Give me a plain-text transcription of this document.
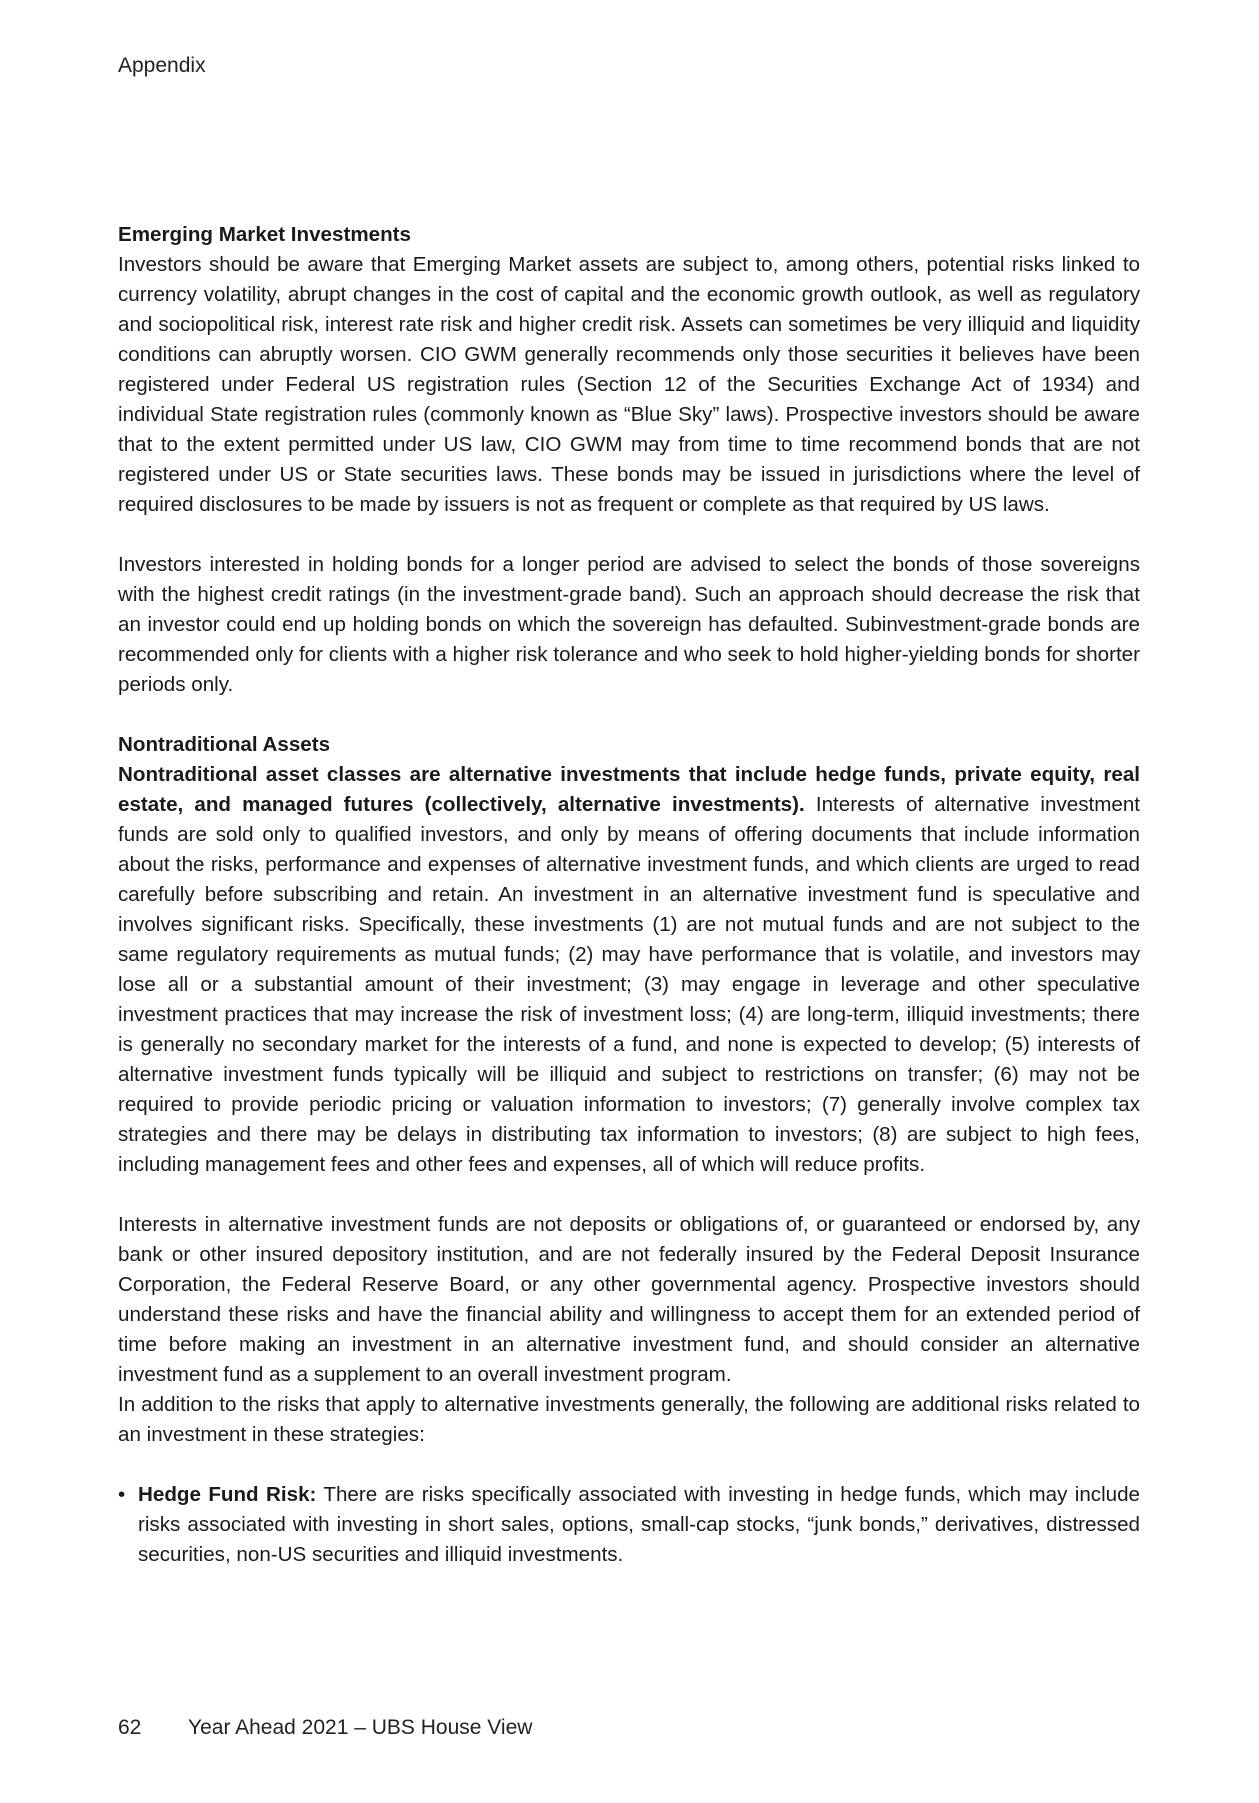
Appendix

Emerging Market Investments

Investors should be aware that Emerging Market assets are subject to, among others, potential risks linked to currency volatility, abrupt changes in the cost of capital and the economic growth outlook, as well as regulatory and sociopolitical risk, interest rate risk and higher credit risk. Assets can sometimes be very illiquid and liquidity conditions can abruptly worsen. CIO GWM generally recommends only those securities it believes have been registered under Federal US registration rules (Section 12 of the Securities Exchange Act of 1934) and individual State registration rules (commonly known as “Blue Sky” laws). Prospective investors should be aware that to the extent permitted under US law, CIO GWM may from time to time recommend bonds that are not registered under US or State securities laws. These bonds may be issued in jurisdictions where the level of required disclosures to be made by issuers is not as frequent or complete as that required by US laws.

Investors interested in holding bonds for a longer period are advised to select the bonds of those sovereigns with the highest credit ratings (in the investment-grade band). Such an approach should decrease the risk that an investor could end up holding bonds on which the sovereign has defaulted. Subinvestment-grade bonds are recommended only for clients with a higher risk tolerance and who seek to hold higher-yielding bonds for shorter periods only.

Nontraditional Assets

Nontraditional asset classes are alternative investments that include hedge funds, private equity, real estate, and managed futures (collectively, alternative investments). Interests of alternative investment funds are sold only to qualified investors, and only by means of offering documents that include information about the risks, performance and expenses of alternative investment funds, and which clients are urged to read carefully before subscribing and retain. An investment in an alternative investment fund is speculative and involves significant risks. Specifically, these investments (1) are not mutual funds and are not subject to the same regulatory requirements as mutual funds; (2) may have performance that is volatile, and investors may lose all or a substantial amount of their investment; (3) may engage in leverage and other speculative investment practices that may increase the risk of investment loss; (4) are long-term, illiquid investments; there is generally no secondary market for the interests of a fund, and none is expected to develop; (5) interests of alternative investment funds typically will be illiquid and subject to restrictions on transfer; (6) may not be required to provide periodic pricing or valuation information to investors; (7) generally involve complex tax strategies and there may be delays in distributing tax information to investors; (8) are subject to high fees, including management fees and other fees and expenses, all of which will reduce profits.

Interests in alternative investment funds are not deposits or obligations of, or guaranteed or endorsed by, any bank or other insured depository institution, and are not federally insured by the Federal Deposit Insurance Corporation, the Federal Reserve Board, or any other governmental agency. Prospective investors should understand these risks and have the financial ability and willingness to accept them for an extended period of time before making an investment in an alternative investment fund, and should consider an alternative investment fund as a supplement to an overall investment program.

In addition to the risks that apply to alternative investments generally, the following are additional risks related to an investment in these strategies:

• Hedge Fund Risk: There are risks specifically associated with investing in hedge funds, which may include risks associated with investing in short sales, options, small-cap stocks, “junk bonds,” derivatives, distressed securities, non-US securities and illiquid investments.
62 Year Ahead 2021 – UBS House View
